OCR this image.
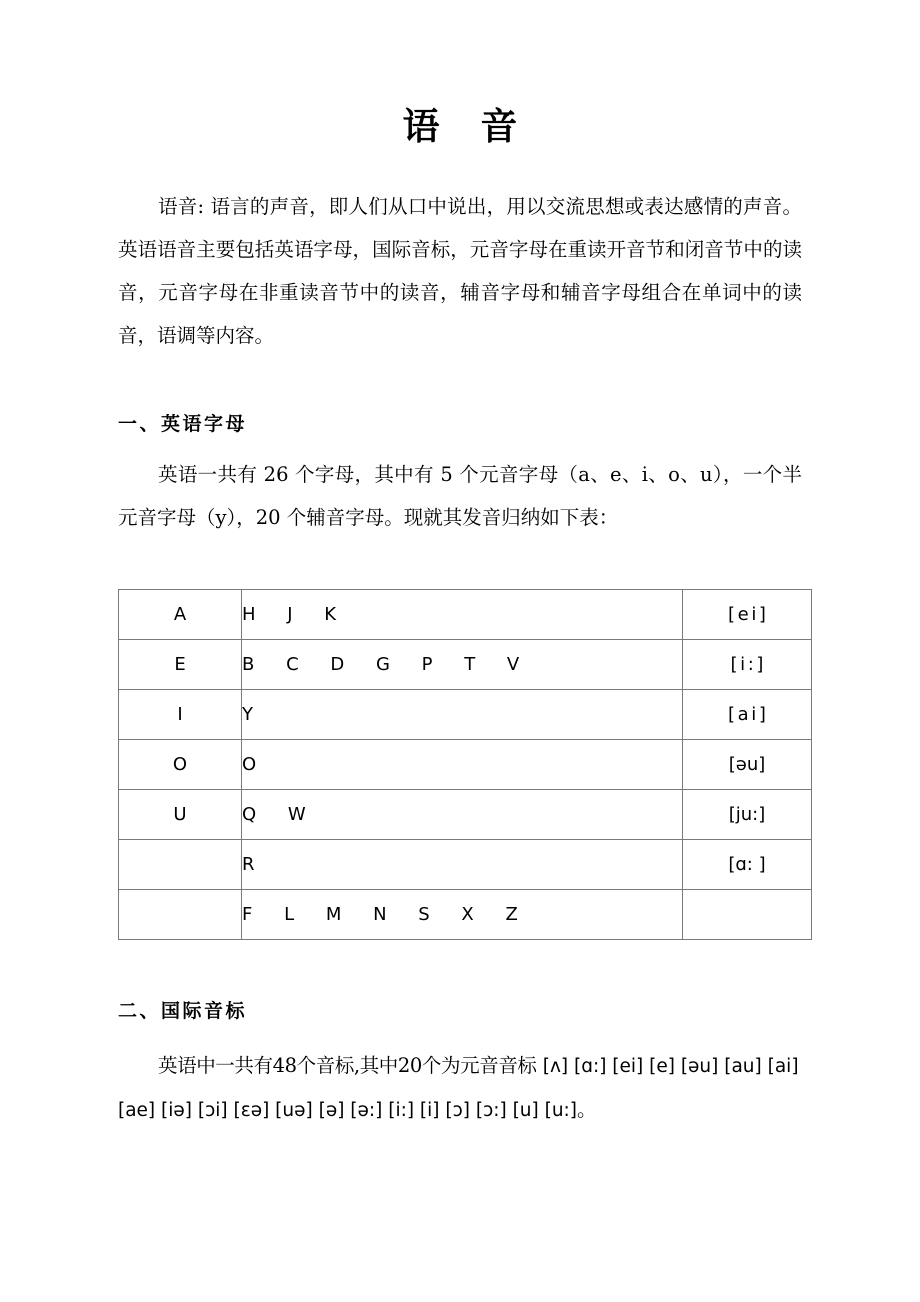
语 音

语音: 语言的声音，即人们从口中说出，用以交流思想或表达感情的声音。英语语音主要包括英语字母，国际音标，元音字母在重读开音节和闭音节中的读音，元音字母在非重读音节中的读音，辅音字母和辅音字母组合在单词中的读音，语调等内容。

一、英语字母

英语一共有 26 个字母，其中有 5 个元音字母（a、e、i、o、u），一个半元音字母（y），20 个辅音字母。现就其发音归纳如下表：

A	H J K	[ei]
E	B C D G P T V	[i:]
I	Y	[ai]
O	O	[əu]
U	Q W	[ju:]
	R	[ɑ: ]
	F L M N S X Z	
二、国际音标

英语中一共有48个音标,其中20个为元音音标 [ʌ] [ɑ:] [ei] [e] [əu] [au] [ai] [ae] [iə] [ɔi] [ɛə] [uə] [ə] [ə:] [i:] [i] [ɔ] [ɔ:] [u] [u:]。
